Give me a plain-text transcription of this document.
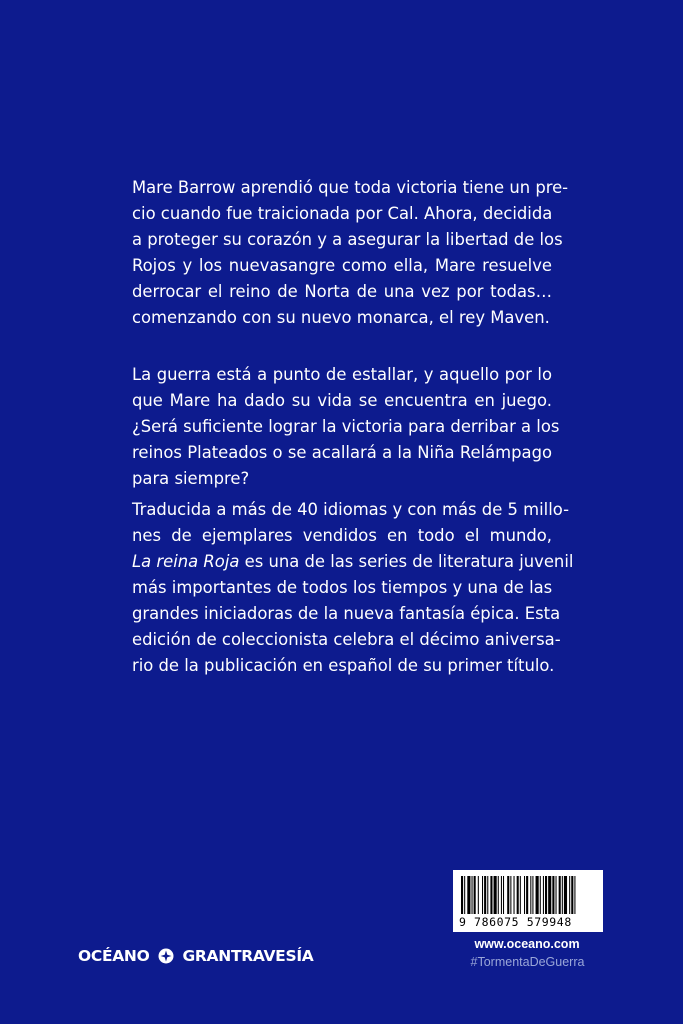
Mare Barrow aprendió que toda victoria tiene un pre-
cio cuando fue traicionada por Cal. Ahora, decidida
a proteger su corazón y a asegurar la libertad de los
Rojos y los nuevasangre como ella, Mare resuelve
derrocar el reino de Norta de una vez por todas…
comenzando con su nuevo monarca, el rey Maven.
La guerra está a punto de estallar, y aquello por lo
que Mare ha dado su vida se encuentra en juego.
¿Será suficiente lograr la victoria para derribar a los
reinos Plateados o se acallará a la Niña Relámpago
para siempre?
Traducida a más de 40 idiomas y con más de 5 millo-
nes de ejemplares vendidos en todo el mundo,
La reina Roja es una de las series de literatura juvenil
más importantes de todos los tiempos y una de las
grandes iniciadoras de la nueva fantasía épica. Esta
edición de coleccionista celebra el décimo aniversa-
rio de la publicación en español de su primer título.
9 786075 579948
OCÉANO GRAN TRAVESÍA
www.oceano.com
#TormentaDeGuerra
